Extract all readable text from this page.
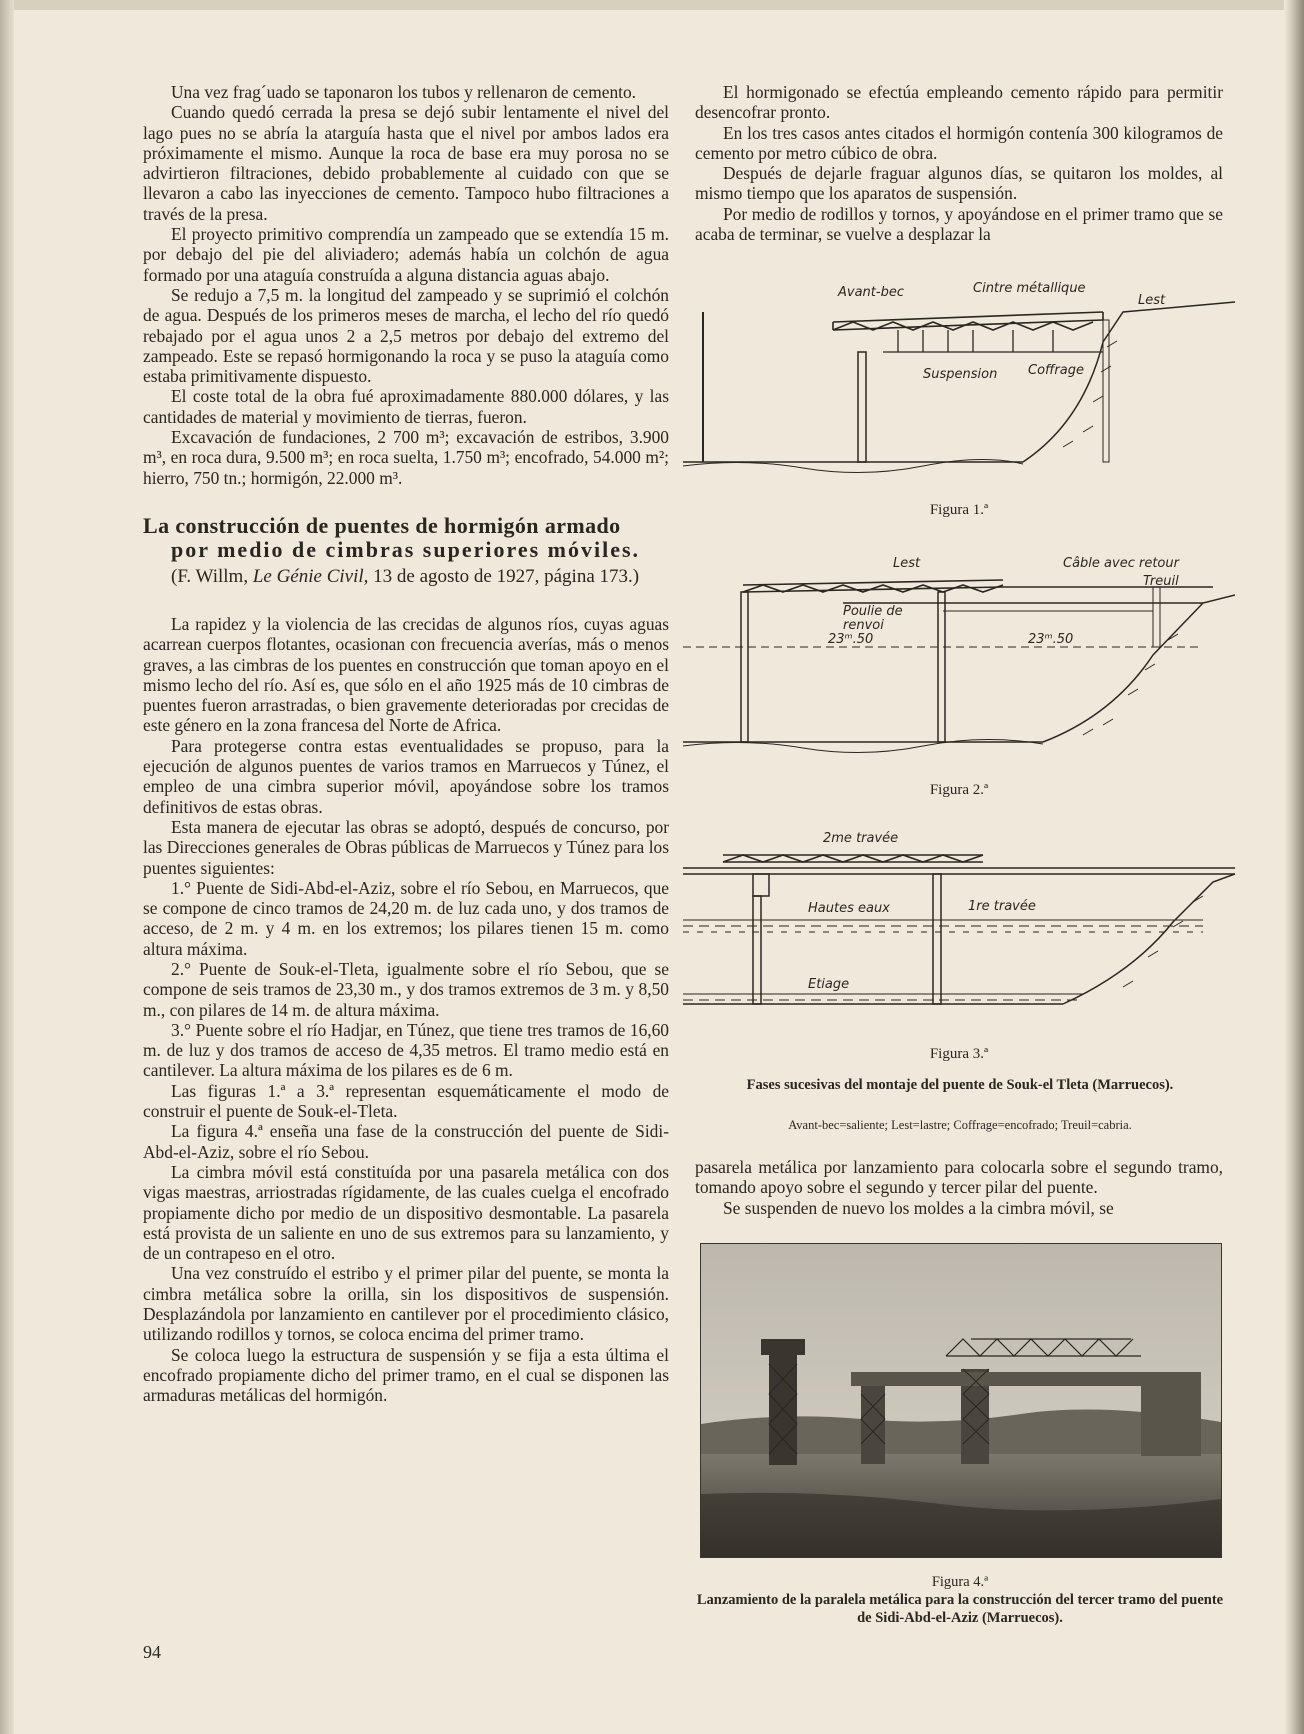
Una vez frag´uado se taponaron los tubos y rellenaron de cemento.

Cuando quedó cerrada la presa se dejó subir lentamente el nivel del lago pues no se abría la atarguía hasta que el nivel por ambos lados era próximamente el mismo. Aunque la roca de base era muy porosa no se advirtieron filtraciones, debido probablemente al cuidado con que se llevaron a cabo las inyecciones de cemento. Tampoco hubo filtraciones a través de la presa.

El proyecto primitivo comprendía un zampeado que se extendía 15 m. por debajo del pie del aliviadero; además había un colchón de agua formado por una ataguía construída a alguna distancia aguas abajo.

Se redujo a 7,5 m. la longitud del zampeado y se suprimió el colchón de agua. Después de los primeros meses de marcha, el lecho del río quedó rebajado por el agua unos 2 a 2,5 metros por debajo del extremo del zampeado. Este se repasó hormigonando la roca y se puso la ataguía como estaba primitivamente dispuesto.

El coste total de la obra fué aproximadamente 880.000 dólares, y las cantidades de material y movimiento de tierras, fueron.

Excavación de fundaciones, 2 700 m³; excavación de estribos, 3.900 m³, en roca dura, 9.500 m³; en roca suelta, 1.750 m³; encofrado, 54.000 m²; hierro, 750 tn.; hormigón, 22.000 m³.

La construcción de puentes de hormigón armado
por medio de cimbras superiores móviles.
(F. Willm, Le Génie Civil, 13 de agosto de 1927, página 173.)

La rapidez y la violencia de las crecidas de algunos ríos, cuyas aguas acarrean cuerpos flotantes, ocasionan con frecuencia averías, más o menos graves, a las cimbras de los puentes en construcción que toman apoyo en el mismo lecho del río. Así es, que sólo en el año 1925 más de 10 cimbras de puentes fueron arrastradas, o bien gravemente deterioradas por crecidas de este género en la zona francesa del Norte de Africa.

Para protegerse contra estas eventualidades se propuso, para la ejecución de algunos puentes de varios tramos en Marruecos y Túnez, el empleo de una cimbra superior móvil, apoyándose sobre los tramos definitivos de estas obras.

Esta manera de ejecutar las obras se adoptó, después de concurso, por las Direcciones generales de Obras públicas de Marruecos y Túnez para los puentes siguientes:

1.° Puente de Sidi-Abd-el-Aziz, sobre el río Sebou, en Marruecos, que se compone de cinco tramos de 24,20 m. de luz cada uno, y dos tramos de acceso, de 2 m. y 4 m. en los extremos; los pilares tienen 15 m. como altura máxima.

2.° Puente de Souk-el-Tleta, igualmente sobre el río Sebou, que se compone de seis tramos de 23,30 m., y dos tramos extremos de 3 m. y 8,50 m., con pilares de 14 m. de altura máxima.

3.° Puente sobre el río Hadjar, en Túnez, que tiene tres tramos de 16,60 m. de luz y dos tramos de acceso de 4,35 metros. El tramo medio está en cantilever. La altura máxima de los pilares es de 6 m.

Las figuras 1.ª a 3.ª representan esquemáticamente el modo de construir el puente de Souk-el-Tleta.

La figura 4.ª enseña una fase de la construcción del puente de Sidi-Abd-el-Aziz, sobre el río Sebou.

La cimbra móvil está constituída por una pasarela metálica con dos vigas maestras, arriostradas rígidamente, de las cuales cuelga el encofrado propiamente dicho por medio de un dispositivo desmontable. La pasarela está provista de un saliente en uno de sus extremos para su lanzamiento, y de un contrapeso en el otro.

Una vez construído el estribo y el primer pilar del puente, se monta la cimbra metálica sobre la orilla, sin los dispositivos de suspensión. Desplazándola por lanzamiento en cantilever por el procedimiento clásico, utilizando rodillos y tornos, se coloca encima del primer tramo.

Se coloca luego la estructura de suspensión y se fija a esta última el encofrado propiamente dicho del primer tramo, en el cual se disponen las armaduras metálicas del hormigón.

94

El hormigonado se efectúa empleando cemento rápido para permitir desencofrar pronto.

En los tres casos antes citados el hormigón contenía 300 kilogramos de cemento por metro cúbico de obra.

Después de dejarle fraguar algunos días, se quitaron los moldes, al mismo tiempo que los aparatos de suspensión.

Por medio de rodillos y tornos, y apoyándose en el primer tramo que se acaba de terminar, se vuelve a desplazar la

Avant-bec	Cintre métallique
Lest
Suspension Coffrage
Figura 1.ª
Lest	Câble avec retour
Treuil
Poulie de
renvoi
23ᵐ.50	23ᵐ.50
Figura 2.ª
2me travée
Hautes eaux	1re travée
Etiage
Figura 3.ª
Fases sucesivas del montaje del puente de Souk-el Tleta (Marruecos).
Avant-bec=saliente; Lest=lastre; Coffrage=encofrado; Treuil=cabria.

pasarela metálica por lanzamiento para colocarla sobre el segundo tramo, tomando apoyo sobre el segundo y tercer pilar del puente.

Se suspenden de nuevo los moldes a la cimbra móvil, se

Figura 4.ª
Lanzamiento de la paralela metálica para la construcción del tercer tramo del puente de Sidi-Abd-el-Aziz (Marruecos).
